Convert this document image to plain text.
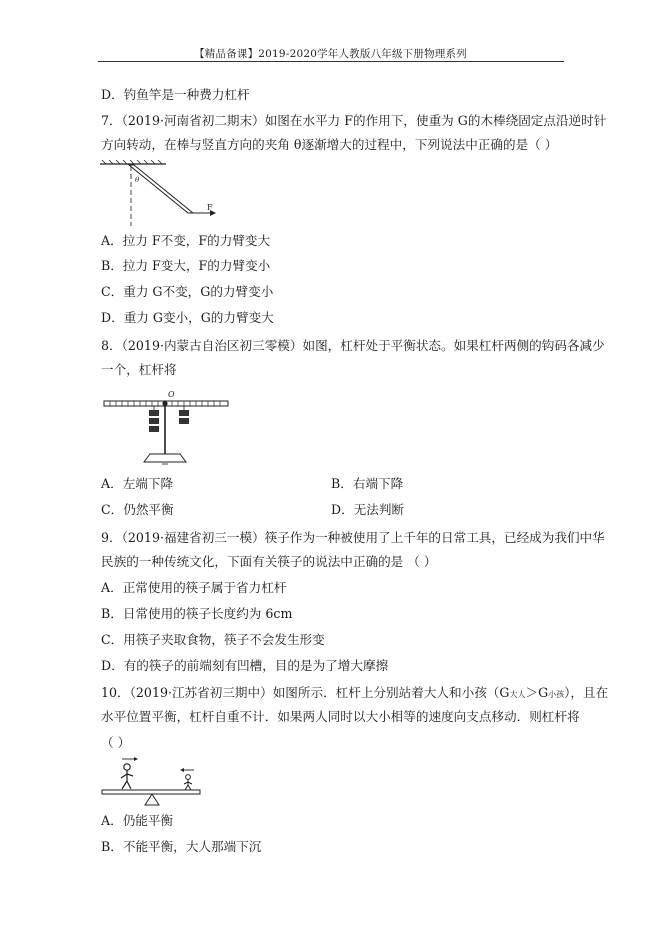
【精品备课】2019-2020学年人教版八年级下册物理系列
D．钓鱼竿是一种费力杠杆
7．（2019·河南省初二期末）如图在水平力 F的作用下，使重为 G的木棒绕固定点沿逆时针
方向转动，在棒与竖直方向的夹角 θ逐渐增大的过程中，下列说法中正确的是（ ）
θ
F
A．拉力 F不变，F的力臂变大
B．拉力 F变大，F的力臂变小
C．重力 G不变，G的力臂变小
D．重力 G变小，G的力臂变大
8．（2019·内蒙古自治区初三零模）如图，杠杆处于平衡状态。如果杠杆两侧的钩码各减少
一个，杠杆将
O
A．左端下降	B．右端下降
C．仍然平衡	D．无法判断
9．（2019·福建省初三一模）筷子作为一种被使用了上千年的日常工具，已经成为我们中华
民族的一种传统文化，下面有关筷子的说法中正确的是 （ ）
A．正常使用的筷子属于省力杠杆
B．日常使用的筷子长度约为 6cm
C．用筷子夹取食物，筷子不会发生形变
D．有的筷子的前端刻有凹槽，目的是为了增大摩擦
10．（2019·江苏省初三期中）如图所示．杠杆上分别站着大人和小孩（G大人＞G小孩），且在
水平位置平衡，杠杆自重不计．如果两人同时以大小相等的速度向支点移动．则杠杆将
（ ）
A．仍能平衡
B．不能平衡，大人那端下沉
